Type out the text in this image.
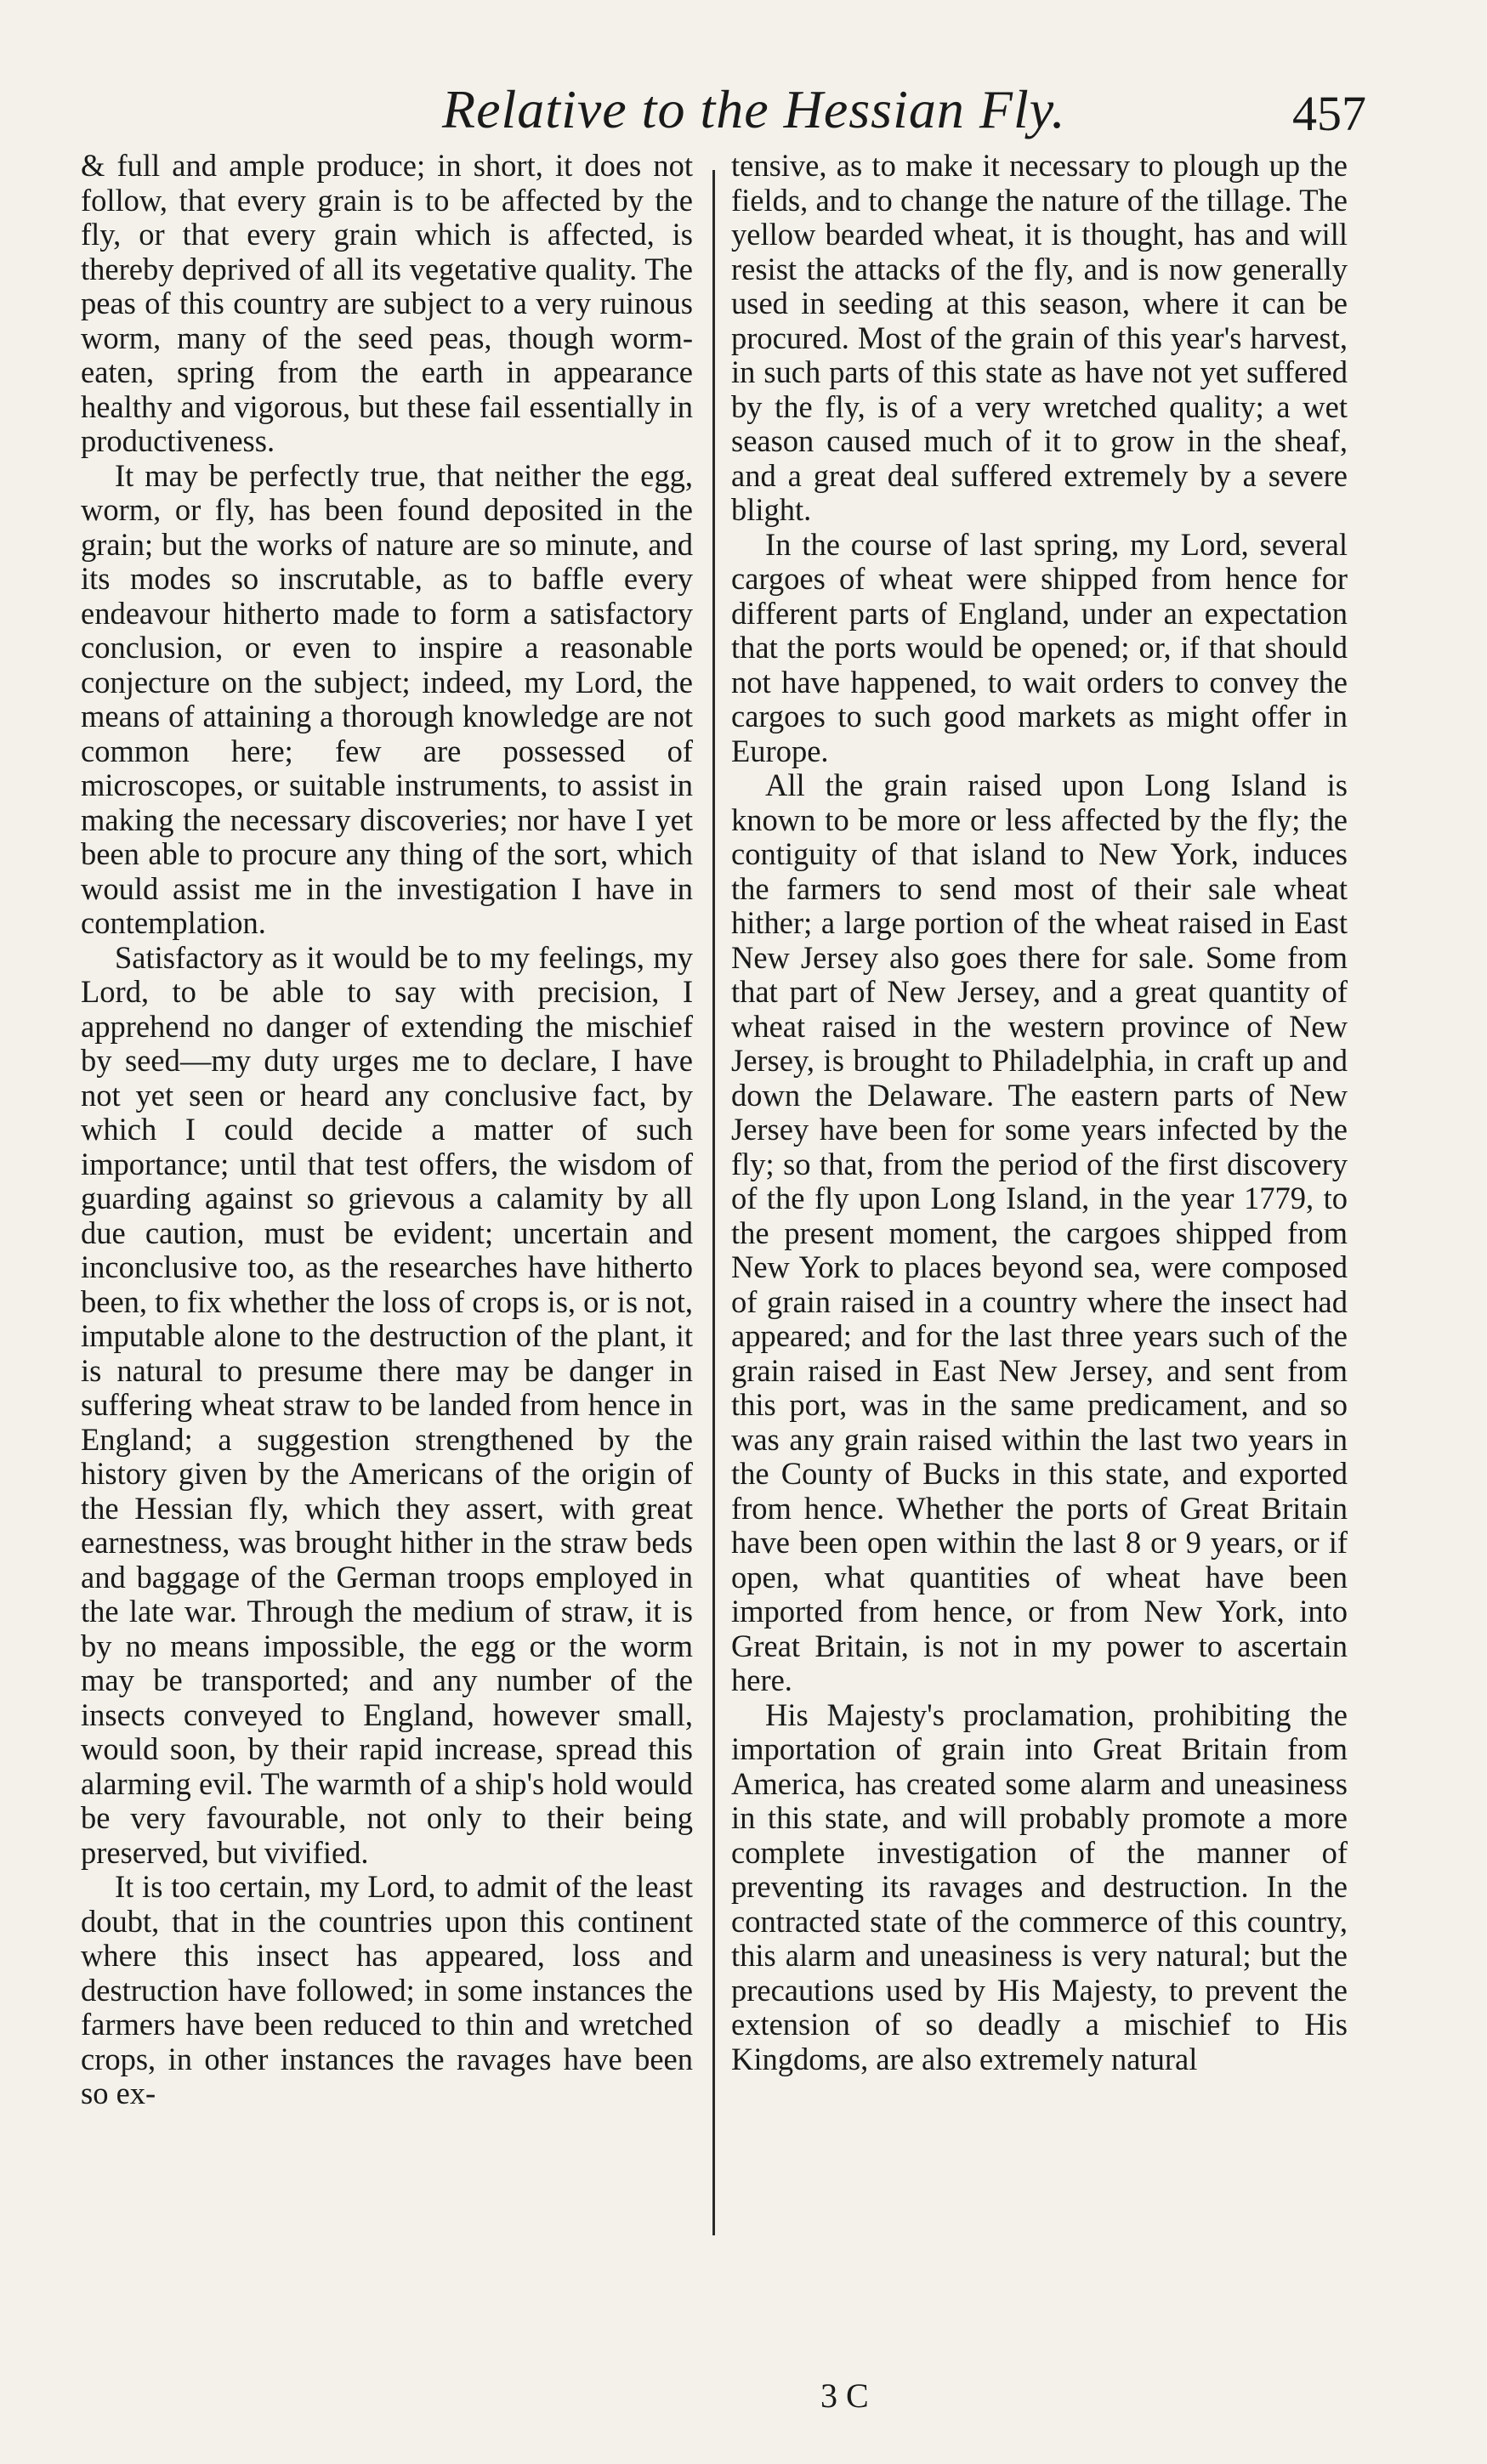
Relative to the Hessian Fly.	457

& full and ample produce; in short, it does not follow, that every grain is to be affected by the fly, or that every grain which is affected, is thereby deprived of all its vegetative quality. The peas of this country are subject to a very ruinous worm, many of the seed peas, though worm-eaten, spring from the earth in appearance healthy and vigorous, but these fail essentially in productiveness.

It may be perfectly true, that neither the egg, worm, or fly, has been found deposited in the grain; but the works of nature are so minute, and its modes so inscrutable, as to baffle every endeavour hitherto made to form a satisfactory conclusion, or even to inspire a reasonable conjecture on the subject; indeed, my Lord, the means of attaining a thorough knowledge are not common here; few are possessed of microscopes, or suitable instruments, to assist in making the necessary discoveries; nor have I yet been able to procure any thing of the sort, which would assist me in the investigation I have in contemplation.

Satisfactory as it would be to my feelings, my Lord, to be able to say with precision, I apprehend no danger of extending the mischief by seed—my duty urges me to declare, I have not yet seen or heard any conclusive fact, by which I could decide a matter of such importance; until that test offers, the wisdom of guarding against so grievous a calamity by all due caution, must be evident; uncertain and inconclusive too, as the researches have hitherto been, to fix whether the loss of crops is, or is not, imputable alone to the destruction of the plant, it is natural to presume there may be danger in suffering wheat straw to be landed from hence in England; a suggestion strengthened by the history given by the Americans of the origin of the Hessian fly, which they assert, with great earnestness, was brought hither in the straw beds and baggage of the German troops employed in the late war. Through the medium of straw, it is by no means impossible, the egg or the worm may be transported; and any number of the insects conveyed to England, however small, would soon, by their rapid increase, spread this alarming evil. The warmth of a ship's hold would be very favourable, not only to their being preserved, but vivified.

It is too certain, my Lord, to admit of the least doubt, that in the countries upon this continent where this insect has appeared, loss and destruction have followed; in some instances the farmers have been reduced to thin and wretched crops, in other instances the ravages have been so ex-

tensive, as to make it necessary to plough up the fields, and to change the nature of the tillage. The yellow bearded wheat, it is thought, has and will resist the attacks of the fly, and is now generally used in seeding at this season, where it can be procured. Most of the grain of this year's harvest, in such parts of this state as have not yet suffered by the fly, is of a very wretched quality; a wet season caused much of it to grow in the sheaf, and a great deal suffered extremely by a severe blight.

In the course of last spring, my Lord, several cargoes of wheat were shipped from hence for different parts of England, under an expectation that the ports would be opened; or, if that should not have happened, to wait orders to convey the cargoes to such good markets as might offer in Europe.

All the grain raised upon Long Island is known to be more or less affected by the fly; the contiguity of that island to New York, induces the farmers to send most of their sale wheat hither; a large portion of the wheat raised in East New Jersey also goes there for sale. Some from that part of New Jersey, and a great quantity of wheat raised in the western province of New Jersey, is brought to Philadelphia, in craft up and down the Delaware. The eastern parts of New Jersey have been for some years infected by the fly; so that, from the period of the first discovery of the fly upon Long Island, in the year 1779, to the present moment, the cargoes shipped from New York to places beyond sea, were composed of grain raised in a country where the insect had appeared; and for the last three years such of the grain raised in East New Jersey, and sent from this port, was in the same predicament, and so was any grain raised within the last two years in the County of Bucks in this state, and exported from hence. Whether the ports of Great Britain have been open within the last 8 or 9 years, or if open, what quantities of wheat have been imported from hence, or from New York, into Great Britain, is not in my power to ascertain here.

His Majesty's proclamation, prohibiting the importation of grain into Great Britain from America, has created some alarm and uneasiness in this state, and will probably promote a more complete investigation of the manner of preventing its ravages and destruction. In the contracted state of the commerce of this country, this alarm and uneasiness is very natural; but the precautions used by His Majesty, to prevent the extension of so deadly a mischief to His Kingdoms, are also extremely natural

3 C
